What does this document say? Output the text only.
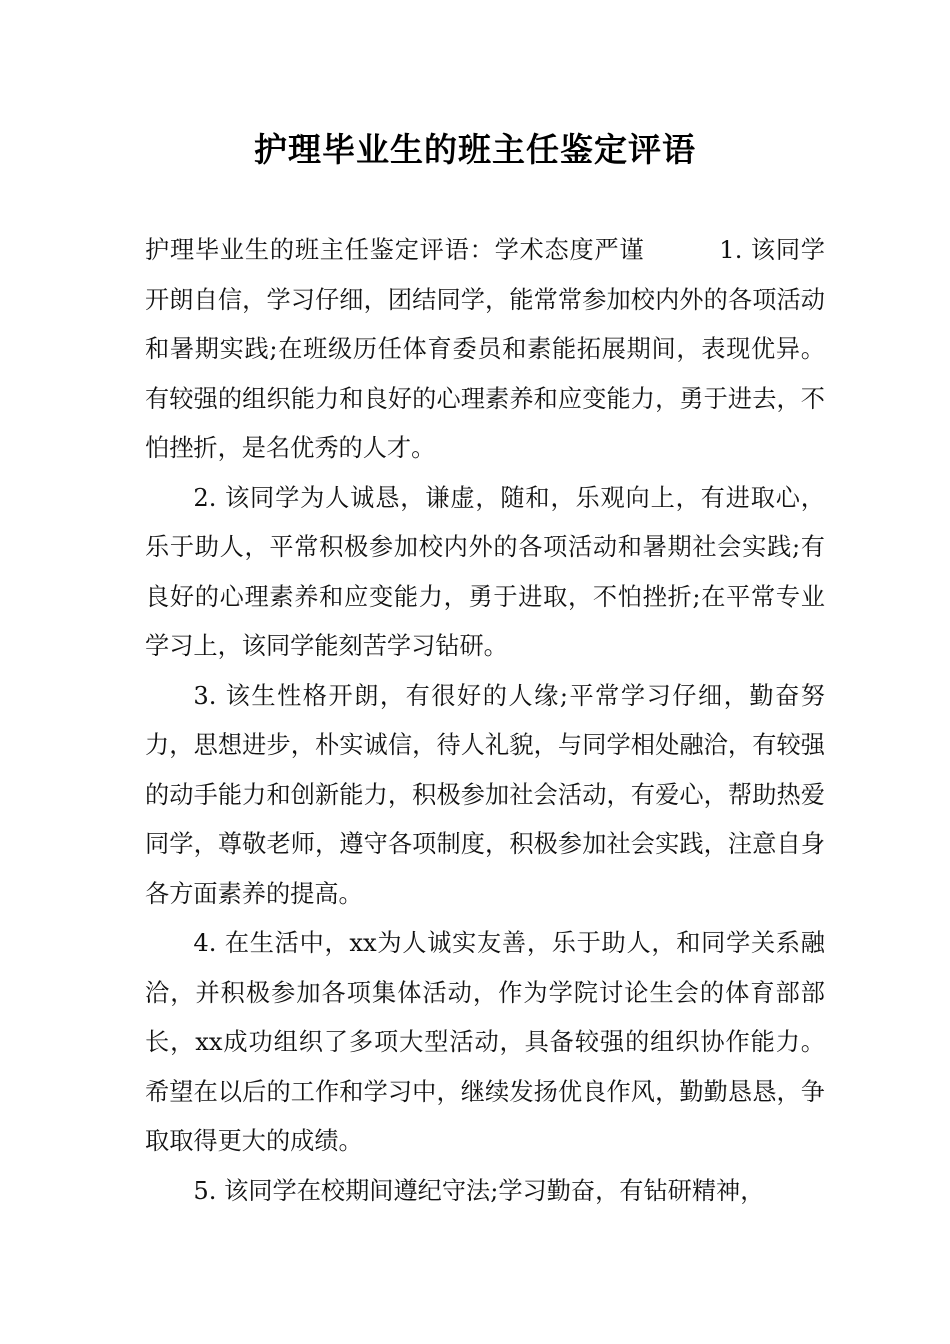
护理毕业生的班主任鉴定评语

护理毕业生的班主任鉴定评语：学术态度严谨　　　1. 该同学开朗自信，学习仔细，团结同学，能常常参加校内外的各项活动和暑期实践;在班级历任体育委员和素能拓展期间，表现优异。有较强的组织能力和良好的心理素养和应变能力，勇于进去，不怕挫折，是名优秀的人才。

2. 该同学为人诚恳，谦虚，随和，乐观向上，有进取心，乐于助人，平常积极参加校内外的各项活动和暑期社会实践;有良好的心理素养和应变能力，勇于进取，不怕挫折;在平常专业学习上，该同学能刻苦学习钻研。

3. 该生性格开朗，有很好的人缘;平常学习仔细，勤奋努力，思想进步，朴实诚信，待人礼貌，与同学相处融洽，有较强的动手能力和创新能力，积极参加社会活动，有爱心，帮助热爱同学，尊敬老师，遵守各项制度，积极参加社会实践，注意自身各方面素养的提高。

4. 在生活中，xx为人诚实友善，乐于助人，和同学关系融洽，并积极参加各项集体活动，作为学院讨论生会的体育部部长，xx成功组织了多项大型活动，具备较强的组织协作能力。希望在以后的工作和学习中，继续发扬优良作风，勤勤恳恳，争取取得更大的成绩。

5. 该同学在校期间遵纪守法;学习勤奋，有钻研精神，
